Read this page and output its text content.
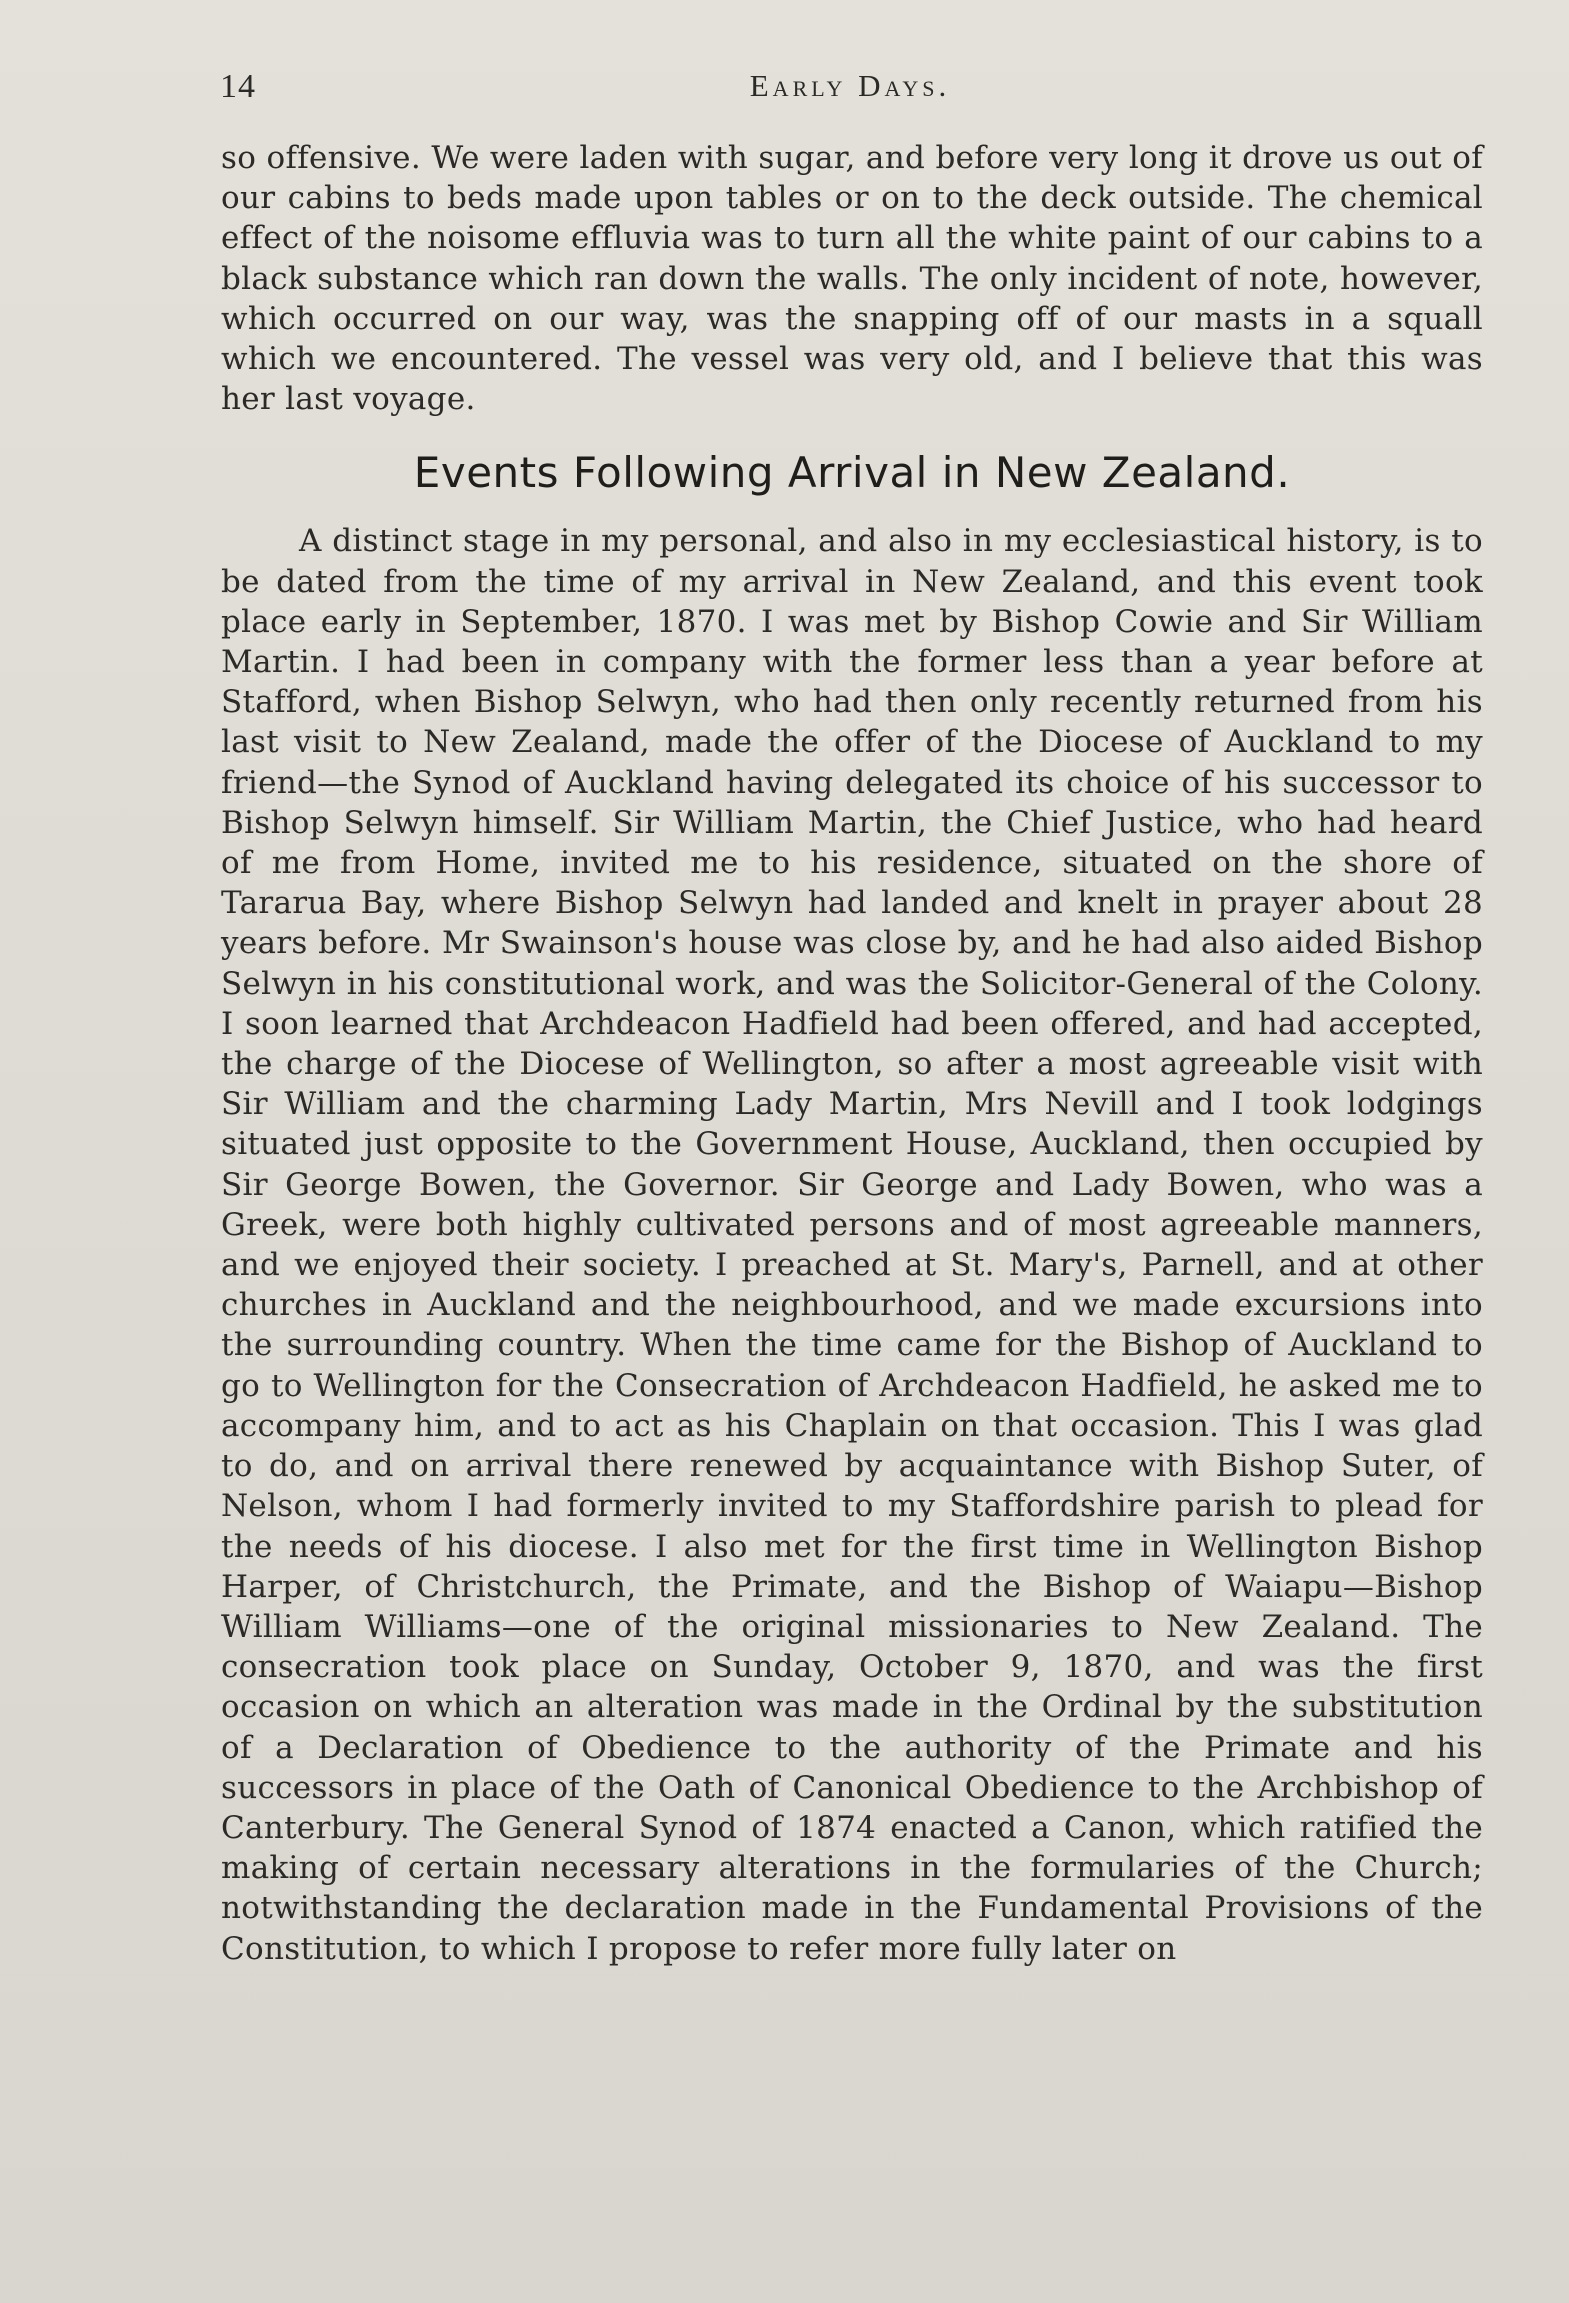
14	Early Days.

so offensive. We were laden with sugar, and before very long it drove us out of our cabins to beds made upon tables or on to the deck outside. The chemical effect of the noisome effluvia was to turn all the white paint of our cabins to a black substance which ran down the walls. The only incident of note, however, which occurred on our way, was the snapping off of our masts in a squall which we encountered. The vessel was very old, and I believe that this was her last voyage.

Events Following Arrival in New Zealand.

A distinct stage in my personal, and also in my ecclesiastical history, is to be dated from the time of my arrival in New Zealand, and this event took place early in September, 1870. I was met by Bishop Cowie and Sir William Martin. I had been in company with the former less than a year before at Stafford, when Bishop Selwyn, who had then only recently returned from his last visit to New Zealand, made the offer of the Diocese of Auckland to my friend—the Synod of Auckland having delegated its choice of his successor to Bishop Selwyn himself. Sir William Martin, the Chief Justice, who had heard of me from Home, invited me to his residence, situated on the shore of Tararua Bay, where Bishop Selwyn had landed and knelt in prayer about 28 years before. Mr Swainson's house was close by, and he had also aided Bishop Selwyn in his constitutional work, and was the Solicitor-General of the Colony. I soon learned that Archdeacon Hadfield had been offered, and had accepted, the charge of the Diocese of Wellington, so after a most agreeable visit with Sir William and the charming Lady Martin, Mrs Nevill and I took lodgings situated just opposite to the Government House, Auckland, then occupied by Sir George Bowen, the Governor. Sir George and Lady Bowen, who was a Greek, were both highly cultivated persons and of most agreeable manners, and we enjoyed their society. I preached at St. Mary's, Parnell, and at other churches in Auckland and the neighbourhood, and we made excursions into the surrounding country. When the time came for the Bishop of Auckland to go to Wellington for the Consecration of Archdeacon Hadfield, he asked me to accompany him, and to act as his Chaplain on that occasion. This I was glad to do, and on arrival there renewed by acquaintance with Bishop Suter, of Nelson, whom I had formerly invited to my Staffordshire parish to plead for the needs of his diocese. I also met for the first time in Wellington Bishop Harper, of Christchurch, the Primate, and the Bishop of Waiapu—Bishop William Williams—one of the original missionaries to New Zealand. The consecration took place on Sunday, October 9, 1870, and was the first occasion on which an alteration was made in the Ordinal by the substitution of a Declaration of Obedience to the authority of the Primate and his successors in place of the Oath of Canonical Obedience to the Archbishop of Canterbury. The General Synod of 1874 enacted a Canon, which ratified the making of certain necessary alterations in the formularies of the Church; notwithstanding the declaration made in the Fundamental Provisions of the Constitution, to which I propose to refer more fully later on
